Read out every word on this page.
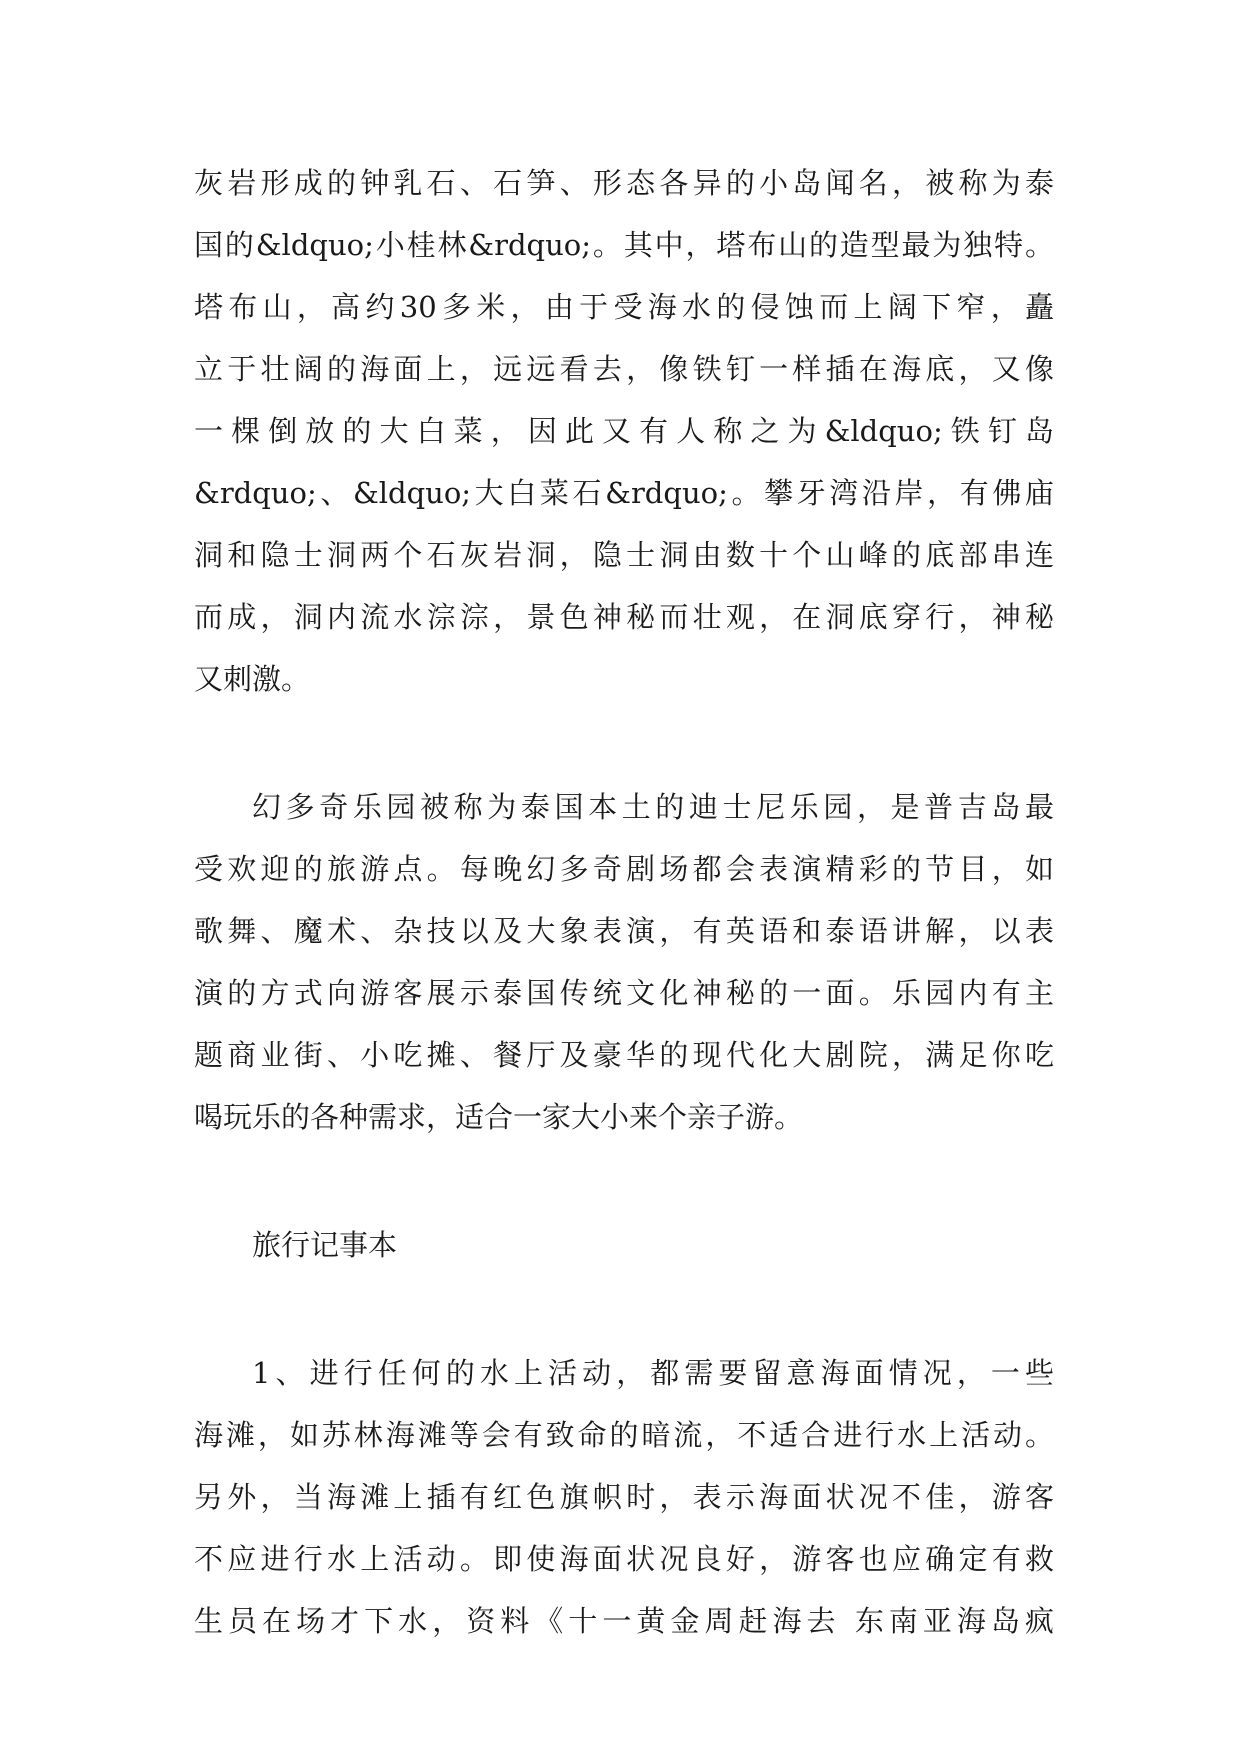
灰岩形成的钟乳石、石笋、形态各异的小岛闻名，被称为泰
国的&ldquo;小桂林&rdquo;。其中，塔布山的造型最为独特。
塔布山，高约30多米，由于受海水的侵蚀而上阔下窄，矗
立于壮阔的海面上，远远看去，像铁钉一样插在海底，又像
一棵倒放的大白菜，因此又有人称之为&ldquo;铁钉岛
&rdquo;、&ldquo;大白菜石&rdquo;。攀牙湾沿岸，有佛庙
洞和隐士洞两个石灰岩洞，隐士洞由数十个山峰的底部串连
而成，洞内流水淙淙，景色神秘而壮观，在洞底穿行，神秘
又刺激。
幻多奇乐园被称为泰国本土的迪士尼乐园，是普吉岛最
受欢迎的旅游点。每晚幻多奇剧场都会表演精彩的节目，如
歌舞、魔术、杂技以及大象表演，有英语和泰语讲解，以表
演的方式向游客展示泰国传统文化神秘的一面。乐园内有主
题商业街、小吃摊、餐厅及豪华的现代化大剧院，满足你吃
喝玩乐的各种需求，适合一家大小来个亲子游。
旅行记事本
1、进行任何的水上活动，都需要留意海面情况，一些
海滩，如苏林海滩等会有致命的暗流，不适合进行水上活动。
另外，当海滩上插有红色旗帜时，表示海面状况不佳，游客
不应进行水上活动。即使海面状况良好，游客也应确定有救
生员在场才下水，资料《十一黄金周赶海去 东南亚海岛疯
